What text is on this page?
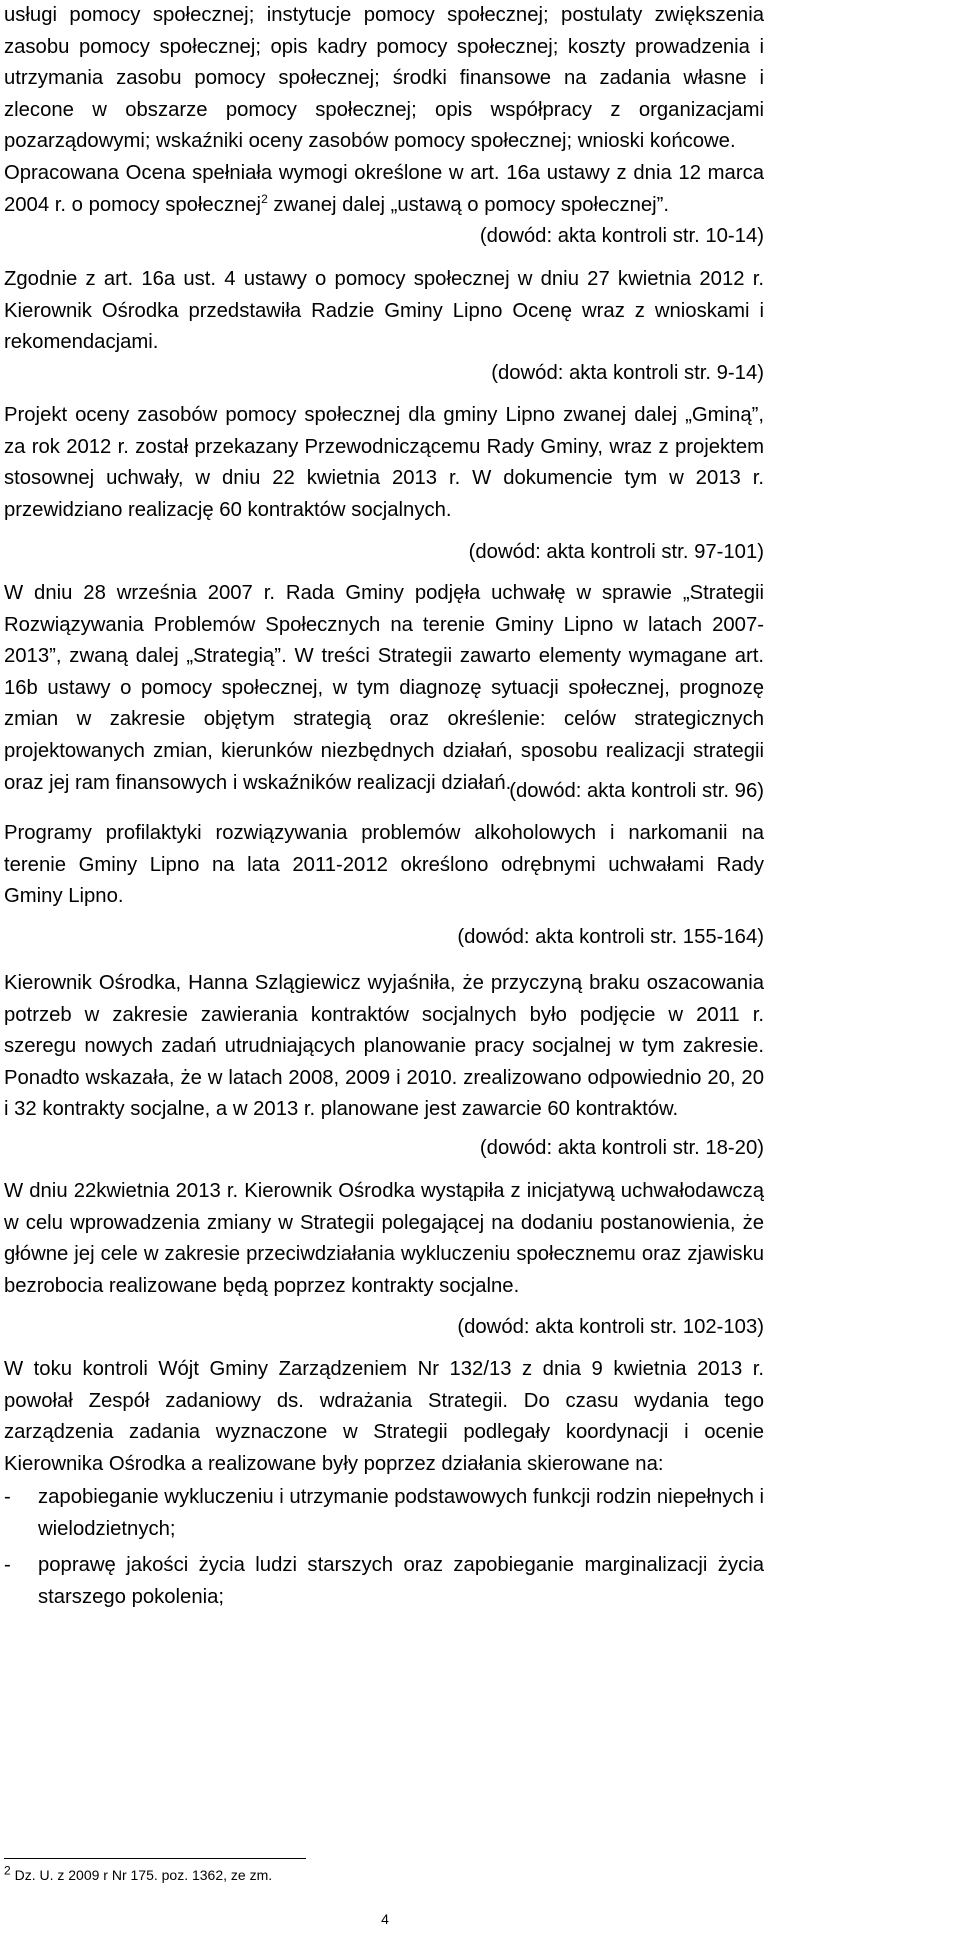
usługi pomocy społecznej; instytucje pomocy społecznej; postulaty zwiększenia zasobu pomocy społecznej; opis kadry pomocy społecznej; koszty prowadzenia i utrzymania zasobu pomocy społecznej; środki finansowe na zadania własne i zlecone w obszarze pomocy społecznej; opis współpracy z organizacjami pozarządowymi; wskaźniki oceny zasobów pomocy społecznej; wnioski końcowe.

Opracowana Ocena spełniała wymogi określone w art. 16a ustawy z dnia 12 marca 2004 r. o pomocy społecznej$^2$ zwanej dalej „ustawą o pomocy społecznej”.

(dowód: akta kontroli str. 10-14)

Zgodnie z art. 16a ust. 4 ustawy o pomocy społecznej w dniu 27 kwietnia 2012 r. Kierownik Ośrodka przedstawiła Radzie Gminy Lipno Ocenę wraz z wnioskami i rekomendacjami.

(dowód: akta kontroli str. 9-14)

Projekt oceny zasobów pomocy społecznej dla gminy Lipno zwanej dalej „Gminą”, za rok 2012 r. został przekazany Przewodniczącemu Rady Gminy, wraz z projektem stosownej uchwały, w dniu 22 kwietnia 2013 r. W dokumencie tym w 2013 r. przewidziano realizację 60 kontraktów socjalnych.

(dowód: akta kontroli str. 97-101)

W dniu 28 września 2007 r. Rada Gminy podjęła uchwałę w sprawie „Strategii Rozwiązywania Problemów Społecznych na terenie Gminy Lipno w latach 2007-2013”, zwaną dalej „Strategią”. W treści Strategii zawarto elementy wymagane art. 16b ustawy o pomocy społecznej, w tym diagnozę sytuacji społecznej, prognozę zmian w zakresie objętym strategią oraz określenie: celów strategicznych projektowanych zmian, kierunków niezbędnych działań, sposobu realizacji strategii oraz jej ram finansowych i wskaźników realizacji działań.

(dowód: akta kontroli str. 96)

Programy profilaktyki rozwiązywania problemów alkoholowych i narkomanii na terenie Gminy Lipno na lata 2011-2012 określono odrębnymi uchwałami Rady Gminy Lipno.

(dowód: akta kontroli str. 155-164)

Kierownik Ośrodka, Hanna Szlągiewicz wyjaśniła, że przyczyną braku oszacowania potrzeb w zakresie zawierania kontraktów socjalnych było podjęcie w 2011 r. szeregu nowych zadań utrudniających planowanie pracy socjalnej w tym zakresie. Ponadto wskazała, że w latach 2008, 2009 i 2010. zrealizowano odpowiednio 20, 20 i 32 kontrakty socjalne, a w 2013 r. planowane jest zawarcie 60 kontraktów.

(dowód: akta kontroli str. 18-20)

W dniu 22kwietnia 2013 r. Kierownik Ośrodka wystąpiła z inicjatywą uchwałodawczą w celu wprowadzenia zmiany w Strategii polegającej na dodaniu postanowienia, że główne jej cele w zakresie przeciwdziałania wykluczeniu społecznemu oraz zjawisku bezrobocia realizowane będą poprzez kontrakty socjalne.

(dowód: akta kontroli str. 102-103)

W toku kontroli Wójt Gminy Zarządzeniem Nr 132/13 z dnia 9 kwietnia 2013 r. powołał Zespół zadaniowy ds. wdrażania Strategii. Do czasu wydania tego zarządzenia zadania wyznaczone w Strategii podlegały koordynacji i ocenie Kierownika Ośrodka a realizowane były poprzez działania skierowane na:

- zapobieganie wykluczeniu i utrzymanie podstawowych funkcji rodzin niepełnych i wielodzietnych;

- poprawę jakości życia ludzi starszych oraz zapobieganie marginalizacji życia starszego pokolenia;

$^2$ Dz. U. z 2009 r Nr 175. poz. 1362, ze zm.
4
